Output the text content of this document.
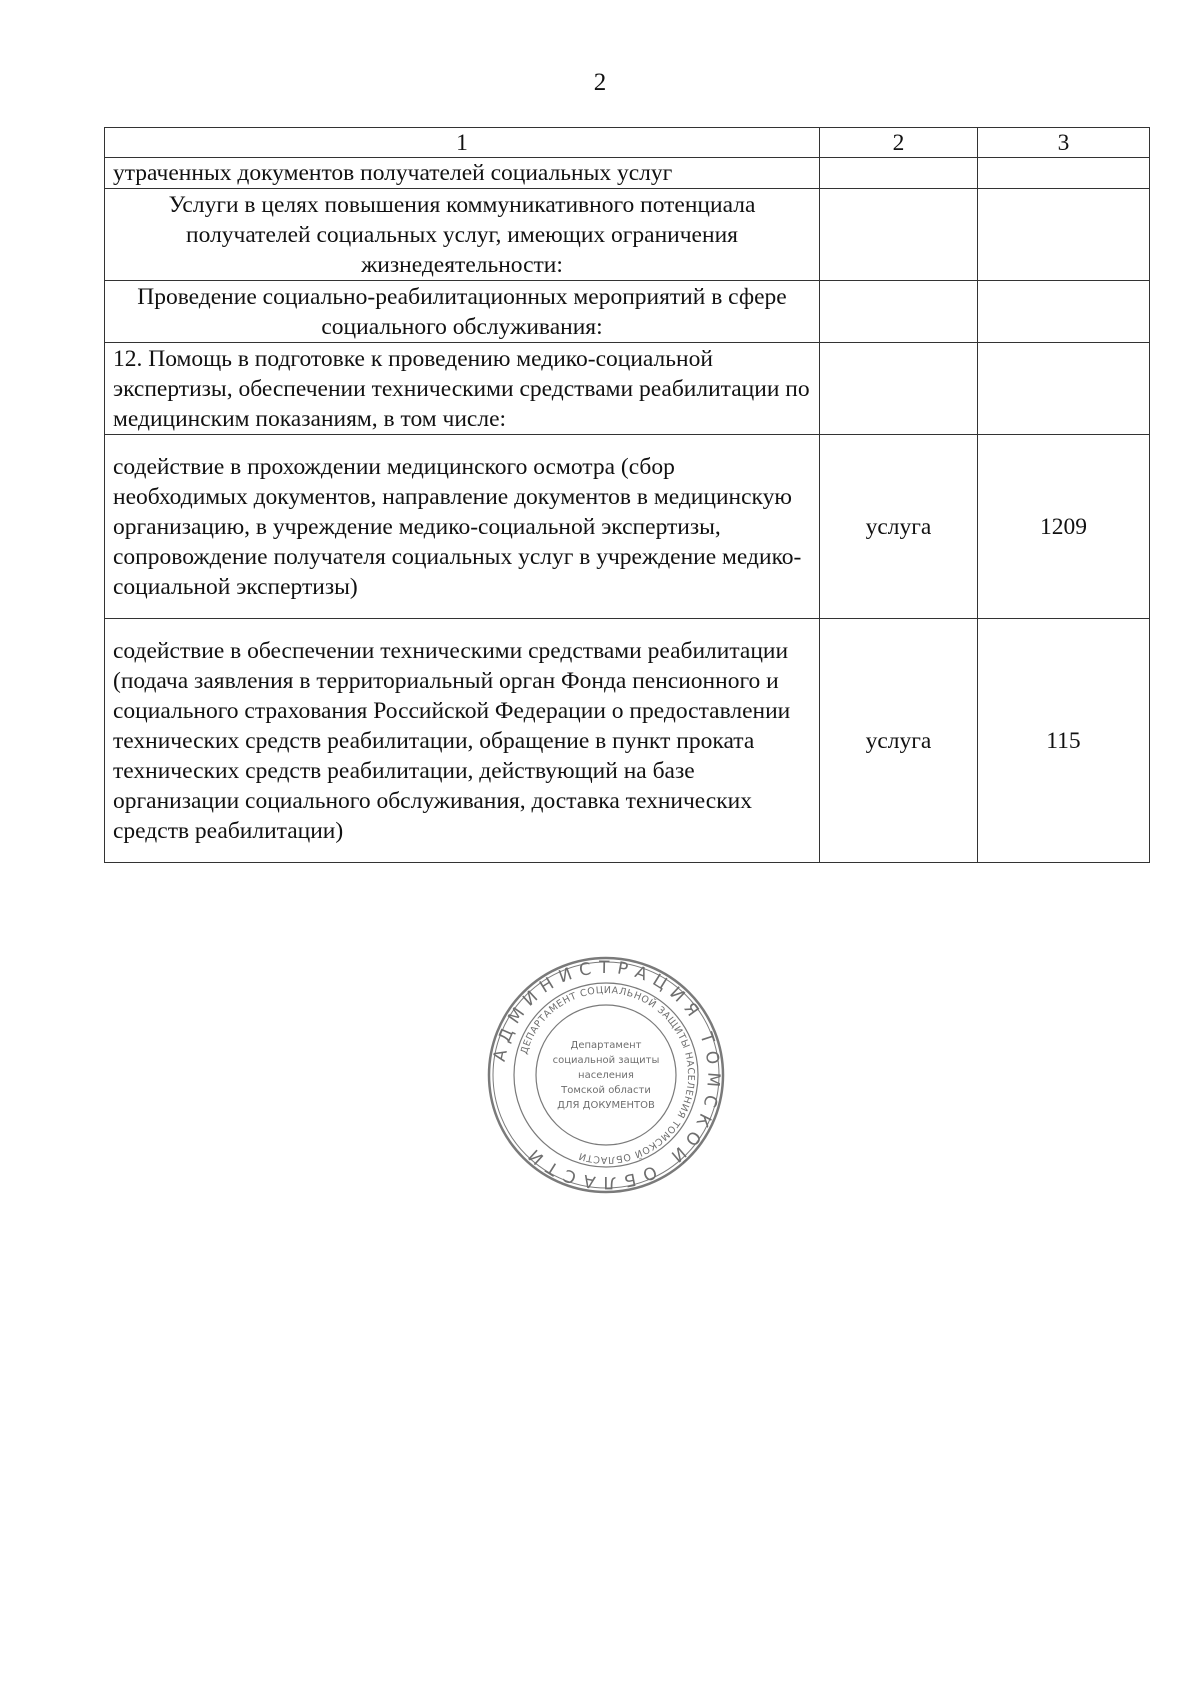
2
1	2	3
утраченных документов получателей социальных услуг		
Услуги в целях повышения коммуникативного потенциала получателей социальных услуг, имеющих ограничения жизнедеятельности:		
Проведение социально-реабилитационных мероприятий в сфере социального обслуживания:		
12. Помощь в подготовке к проведению медико-социальной экспертизы, обеспечении техническими средствами реабилитации по медицинским показаниям, в том числе:		
содействие в прохождении медицинского осмотра (сбор необходимых документов, направление документов в медицинскую организацию, в учреждение медико-социальной экспертизы, сопровождение получателя социальных услуг в учреждение медико-социальной экспертизы)	услуга	1209
содействие в обеспечении техническими средствами реабилитации (подача заявления в территориальный орган Фонда пенсионного и социального страхования Российской Федерации о предоставлении технических средств реабилитации, обращение в пункт проката технических средств реабилитации, действующий на базе организации социального обслуживания, доставка технических средств реабилитации)	услуга	115
АДМИНИСТРАЦИЯ ТОМСКОЙ ОБЛАСТИ
ДЕПАРТАМЕНТ СОЦИАЛЬНОЙ ЗАЩИТЫ НАСЕЛЕНИЯ ТОМСКОЙ ОБЛАСТИ
Департамент
социальной защиты
населения
Томской области
ДЛЯ ДОКУМЕНТОВ
